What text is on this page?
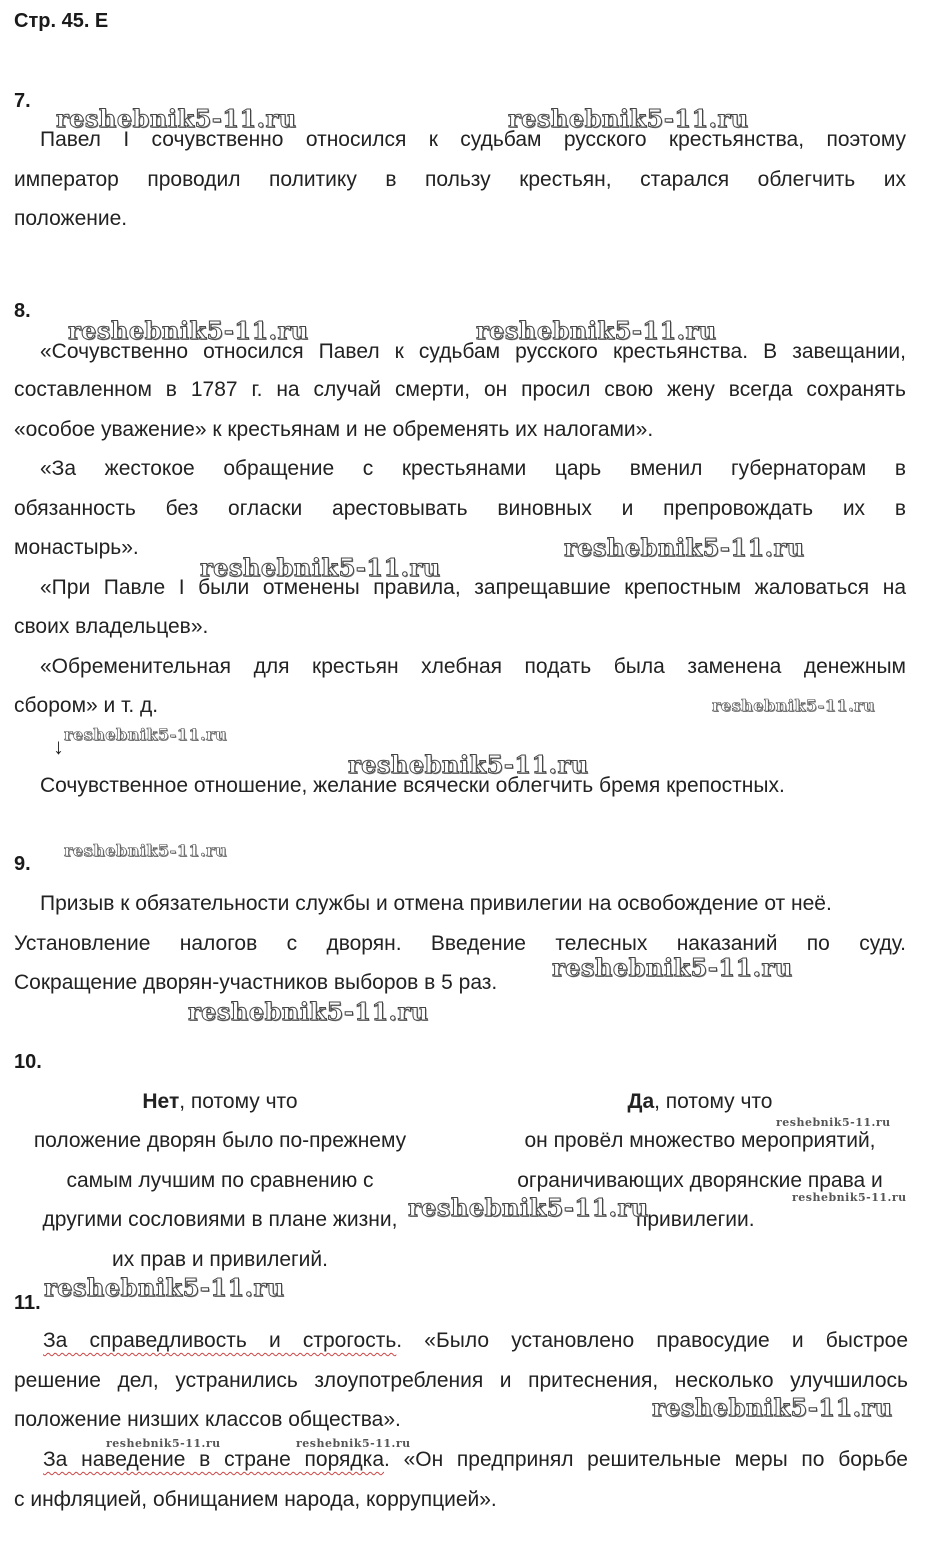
Стр. 45. Е
7.
Павел I сочувственно относился к судьбам русского крестьянства, поэтому
император проводил политику в пользу крестьян, старался облегчить их
положение.
8.
«Сочувственно относился Павел к судьбам русского крестьянства. В завещании,
составленном в 1787 г. на случай смерти, он просил свою жену всегда сохранять
«особое уважение» к крестьянам и не обременять их налогами».
«За жестокое обращение с крестьянами царь вменил губернаторам в
обязанность без огласки арестовывать виновных и препровождать их в
монастырь».
«При Павле I были отменены правила, запрещавшие крепостным жаловаться на
своих владельцев».
«Обременительная для крестьян хлебная подать была заменена денежным
сбором» и т. д.
↓
Сочувственное отношение, желание всячески облегчить бремя крепостных.
9.
Призыв к обязательности службы и отмена привилегии на освобождение от неё.
Установление налогов с дворян. Введение телесных наказаний по суду.
Сокращение дворян-участников выборов в 5 раз.
10.
Нет, потому что
положение дворян было по-прежнему
самым лучшим по сравнению с
другими сословиями в плане жизни,
их прав и привилегий.
Да, потому что
он провёл множество мероприятий,
ограничивающих дворянские права и
привилегии.
11.
За справедливость и строгость. «Было установлено правосудие и быстрое
решение дел, устранились злоупотребления и притеснения, несколько улучшилось
положение низших классов общества».
За наведение в стране порядка. «Он предпринял решительные меры по борьбе
с инфляцией, обнищанием народа, коррупцией».
reshebnik5-11.ru	reshebnik5-11.ru
reshebnik5-11.ru	reshebnik5-11.ru
reshebnik5-11.ru
reshebnik5-11.ru
reshebnik5-11.ru
reshebnik5-11.ru
reshebnik5-11.ru
reshebnik5-11.ru
reshebnik5-11.ru
reshebnik5-11.ru
reshebnik5-11.ru
reshebnik5-11.ru
reshebnik5-11.ru
reshebnik5-11.ru
reshebnik5-11.ru
reshebnik5-11.ru	reshebnik5-11.ru
